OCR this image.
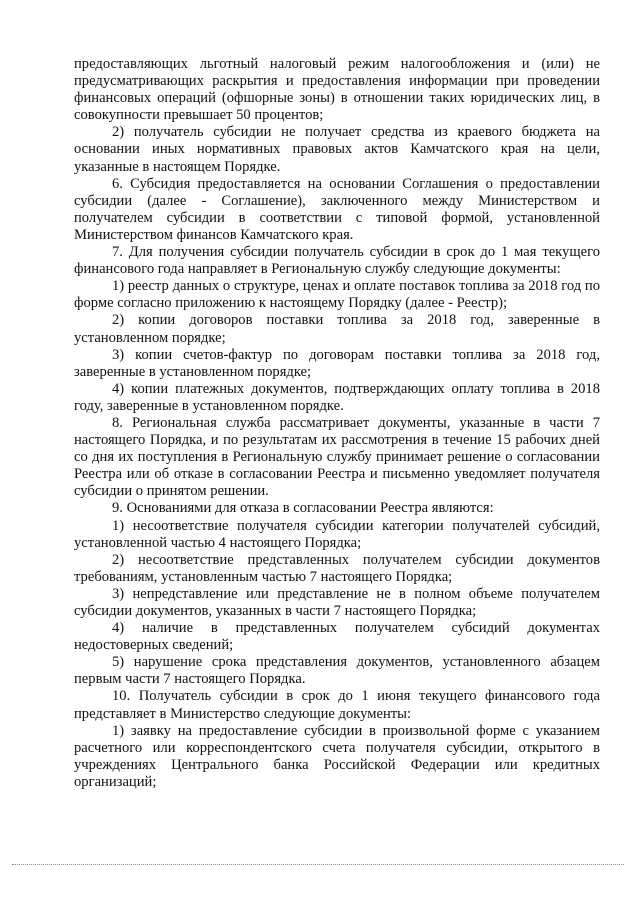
предоставляющих льготный налоговый режим налогообложения и (или) не предусматривающих раскрытия и предоставления информации при проведении финансовых операций (офшорные зоны) в отношении таких юридических лиц, в совокупности превышает 50 процентов;

2) получатель субсидии не получает средства из краевого бюджета на основании иных нормативных правовых актов Камчатского края на цели, указанные в настоящем Порядке.

6. Субсидия предоставляется на основании Соглашения о предоставлении субсидии (далее - Соглашение), заключенного между Министерством и получателем субсидии в соответствии с типовой формой, установленной Министерством финансов Камчатского края.

7. Для получения субсидии получатель субсидии в срок до 1 мая текущего финансового года направляет в Региональную службу следующие документы:

1) реестр данных о структуре, ценах и оплате поставок топлива за 2018 год по форме согласно приложению к настоящему Порядку (далее - Реестр);

2) копии договоров поставки топлива за 2018 год, заверенные в установленном порядке;

3) копии счетов-фактур по договорам поставки топлива за 2018 год, заверенные в установленном порядке;

4) копии платежных документов, подтверждающих оплату топлива в 2018 году, заверенные в установленном порядке.

8. Региональная служба рассматривает документы, указанные в части 7 настоящего Порядка, и по результатам их рассмотрения в течение 15 рабочих дней со дня их поступления в Региональную службу принимает решение о согласовании Реестра или об отказе в согласовании Реестра и письменно уведомляет получателя субсидии о принятом решении.

9. Основаниями для отказа в согласовании Реестра являются:

1) несоответствие получателя субсидии категории получателей субсидий, установленной частью 4 настоящего Порядка;

2) несоответствие представленных получателем субсидии документов требованиям, установленным частью 7 настоящего Порядка;

3) непредставление или представление не в полном объеме получателем субсидии документов, указанных в части 7 настоящего Порядка;

4) наличие в представленных получателем субсидий документах недостоверных сведений;

5) нарушение срока представления документов, установленного абзацем первым части 7 настоящего Порядка.

10. Получатель субсидии в срок до 1 июня текущего финансового года представляет в Министерство следующие документы:

1) заявку на предоставление субсидии в произвольной форме с указанием расчетного или корреспондентского счета получателя субсидии, открытого в учреждениях Центрального банка Российской Федерации или кредитных организаций;
